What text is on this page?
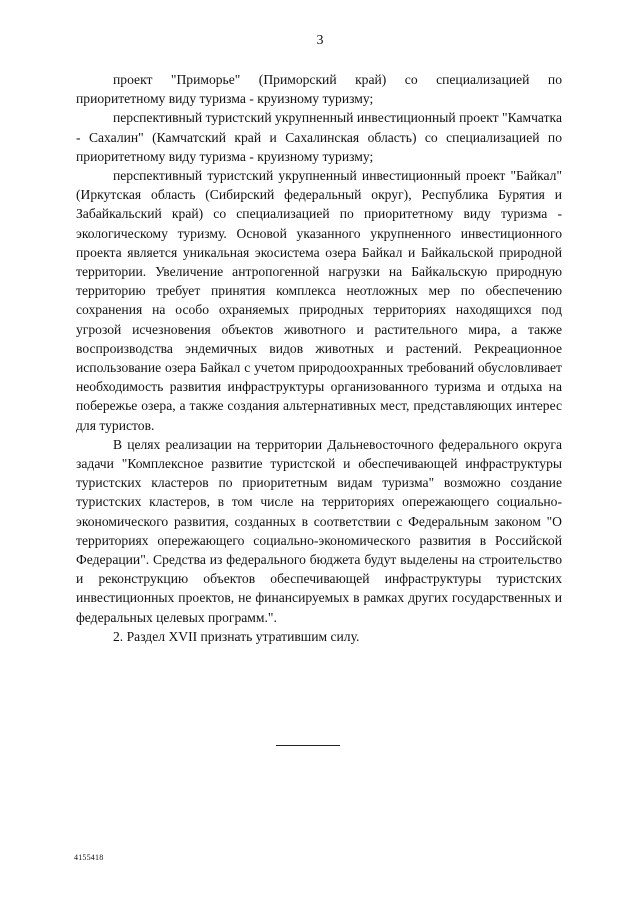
3

проект "Приморье" (Приморский край) со специализацией по приоритетному виду туризма - круизному туризму;

перспективный туристский укрупненный инвестиционный проект "Камчатка - Сахалин" (Камчатский край и Сахалинская область) со специализацией по приоритетному виду туризма - круизному туризму;

перспективный туристский укрупненный инвестиционный проект "Байкал" (Иркутская область (Сибирский федеральный округ), Республика Бурятия и Забайкальский край) со специализацией по приоритетному виду туризма - экологическому туризму. Основой указанного укрупненного инвестиционного проекта является уникальная экосистема озера Байкал и Байкальской природной территории. Увеличение антропогенной нагрузки на Байкальскую природную территорию требует принятия комплекса неотложных мер по обеспечению сохранения на особо охраняемых природных территориях находящихся под угрозой исчезновения объектов животного и растительного мира, а также воспроизводства эндемичных видов животных и растений. Рекреационное использование озера Байкал с учетом природоохранных требований обусловливает необходимость развития инфраструктуры организованного туризма и отдыха на побережье озера, а также создания альтернативных мест, представляющих интерес для туристов.

В целях реализации на территории Дальневосточного федерального округа задачи "Комплексное развитие туристской и обеспечивающей инфраструктуры туристских кластеров по приоритетным видам туризма" возможно создание туристских кластеров, в том числе на территориях опережающего социально-экономического развития, созданных в соответствии с Федеральным законом "О территориях опережающего социально-экономического развития в Российской Федерации". Средства из федерального бюджета будут выделены на строительство и реконструкцию объектов обеспечивающей инфраструктуры туристских инвестиционных проектов, не финансируемых в рамках других государственных и федеральных целевых программ.".

2. Раздел XVII признать утратившим силу.

4155418
